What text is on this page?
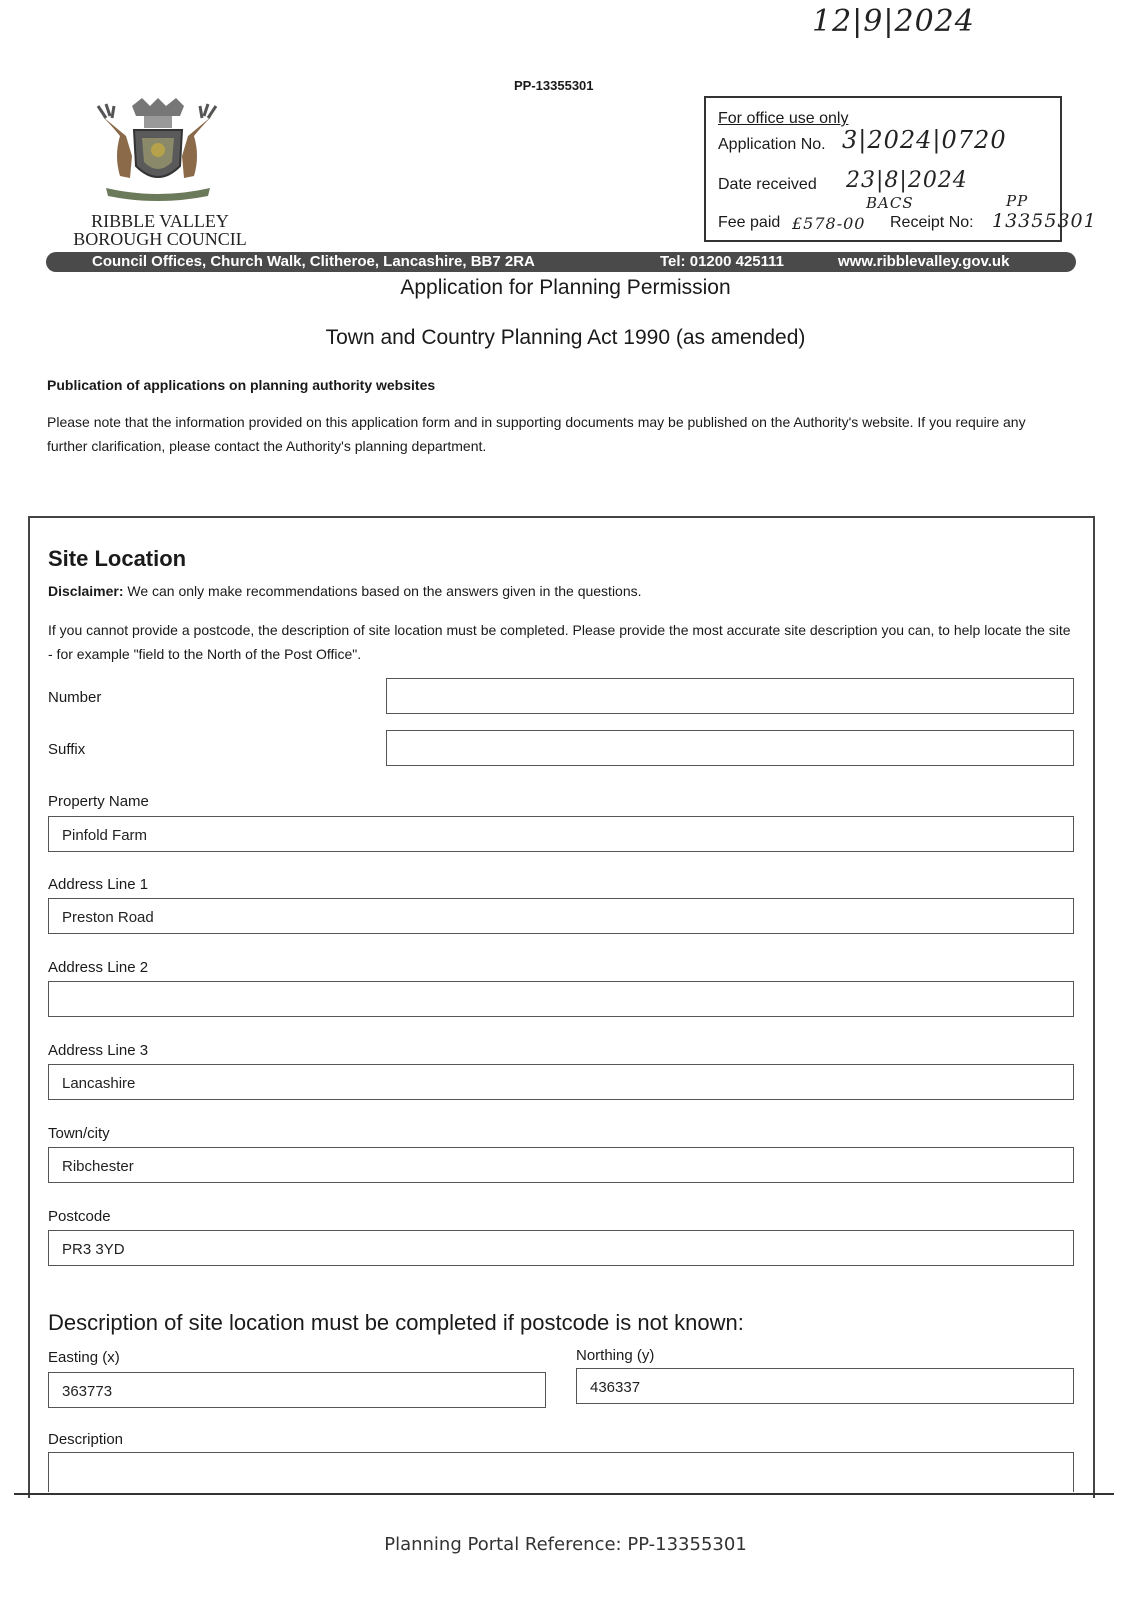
12|9|2024
PP-13355301
RIBBLE VALLEY
BOROUGH COUNCIL
For office use only
Application No. 3|2024|0720
Date received 23|8|2024
BACS	PP
Fee paid £578-00 Receipt No: 13355301
Council Offices, Church Walk, Clitheroe, Lancashire, BB7 2RA	Tel: 01200 425111	www.ribblevalley.gov.uk
Application for Planning Permission
Town and Country Planning Act 1990 (as amended)
Publication of applications on planning authority websites
Please note that the information provided on this application form and in supporting documents may be published on the Authority's website. If you require any further clarification, please contact the Authority's planning department.
Site Location
Disclaimer: We can only make recommendations based on the answers given in the questions.
If you cannot provide a postcode, the description of site location must be completed. Please provide the most accurate site description you can, to help locate the site - for example "field to the North of the Post Office".
Number
Suffix
Property Name
Pinfold Farm
Address Line 1
Preston Road
Address Line 2
Address Line 3
Lancashire
Town/city
Ribchester
Postcode
PR3 3YD
Description of site location must be completed if postcode is not known:
Easting (x)
363773
Northing (y)
436337
Description
Planning Portal Reference: PP-13355301
